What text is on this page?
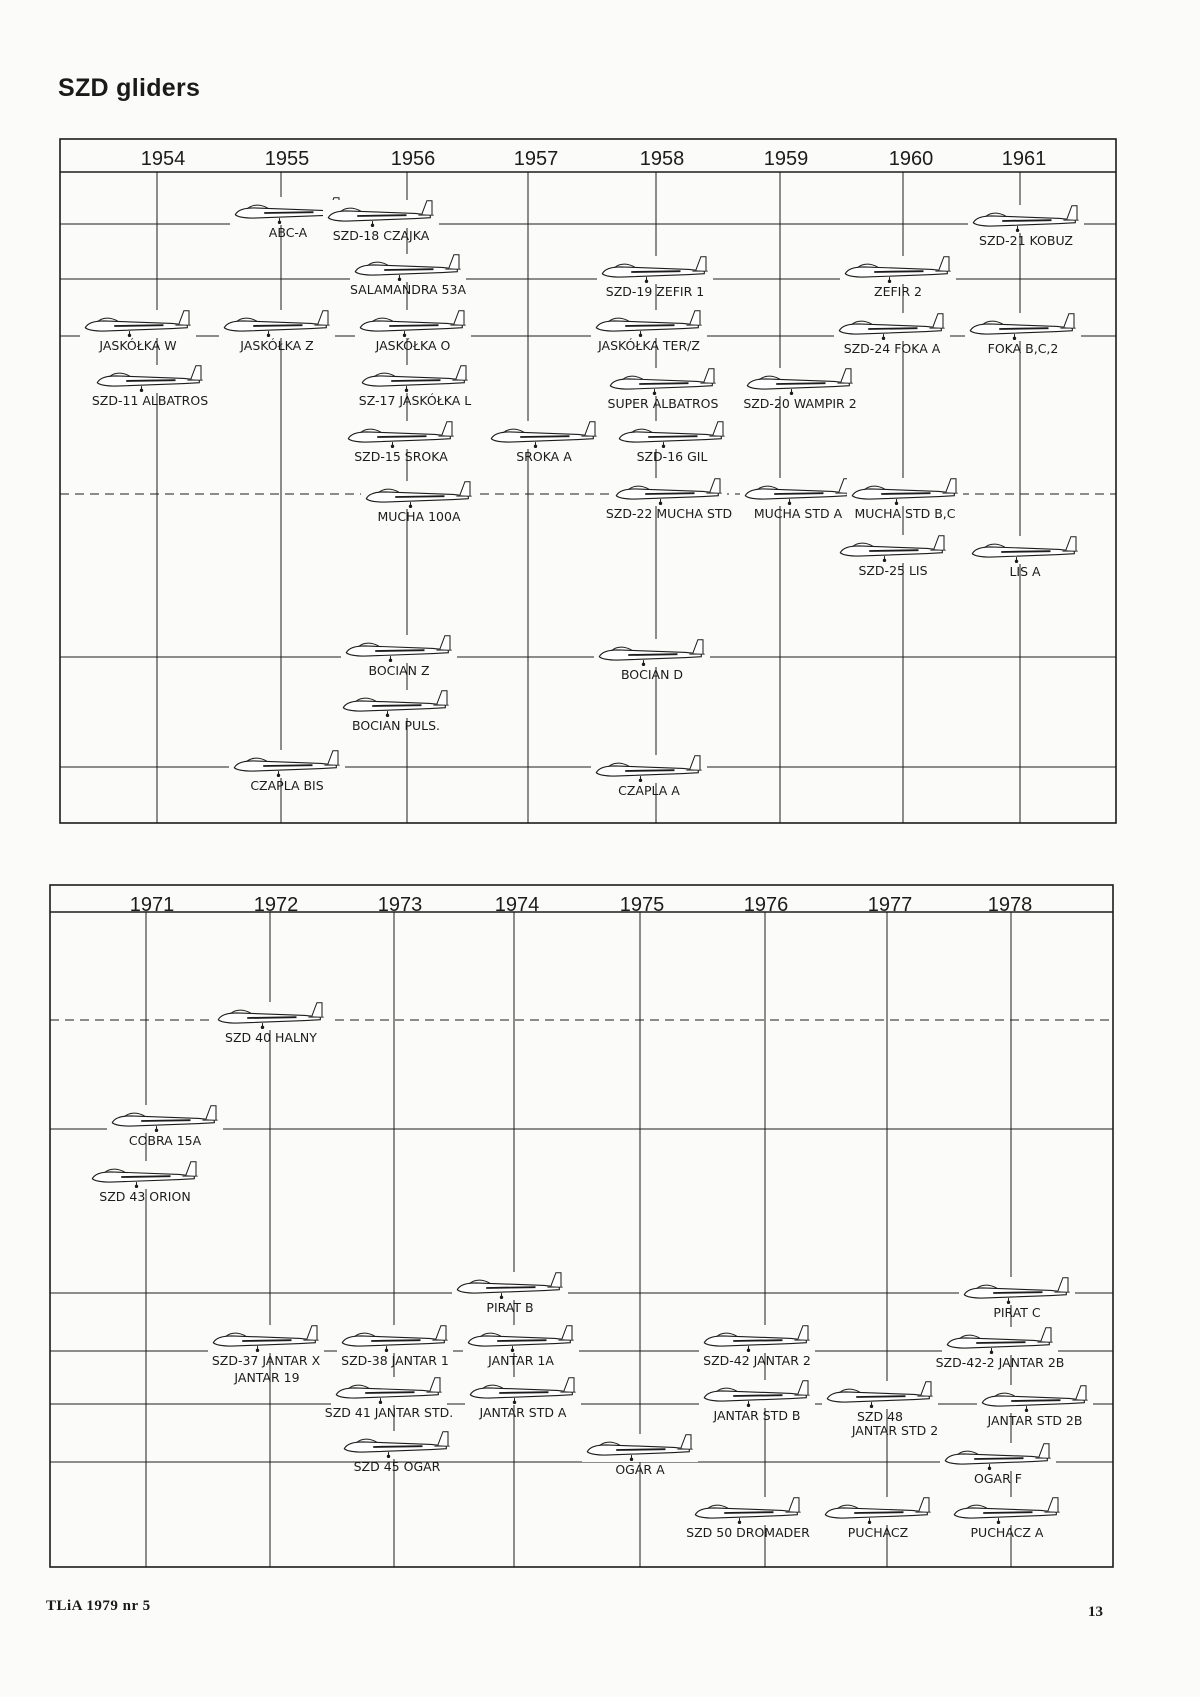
SZD gliders
1954	1955	1956	1957	1958	1959	1960	1961
ABC-A SZD-18 CZAJKA	SZD-21 KOBUZ
SALAMANDRA 53A	SZD-19 ZEFIR 1	ZEFIR 2
JASKÓŁKA W	JASKÓŁKA Z	JASKÓŁKA O	JASKÓŁKA TER/Z	SZD-24 FOKA A	FOKA B,C,2
SZD-11 ALBATROS	SZ-17 JASKÓŁKA L	SUPER ALBATROS SZD-20 WAMPIR 2
SZD-15 SROKA	SROKA A	SZD-16 GIL
MUCHA 100A	SZD-22 MUCHA STD MUCHA STD A MUCHA STD B,C
SZD-25 LIS	LIS A
BOCIAN Z	BOCIAN D
BOCIAN PULS.
CZAPLA BIS	CZAPLA A
1971	1972	1973	1974	1975	1976	1977	1978
SZD 40 HALNY
COBRA 15A
SZD 43 ORION
PIRAT B	PIRAT C
SZD-37 JANTAR X
JANTAR 19
SZD-38 JANTAR 1	JANTAR 1A	SZD-42 JANTAR 2	SZD-42-2 JANTAR 2B
SZD 41 JANTAR STD. JANTAR STD A	JANTAR STD B	SZD 48
JANTAR STD 2
JANTAR STD 2B
SZD 45 OGAR	OGAR A
OGAR F
SZD 50 DROMADER	PUCHACZ	PUCHACZ A
TLiA 1979 nr 5	13
